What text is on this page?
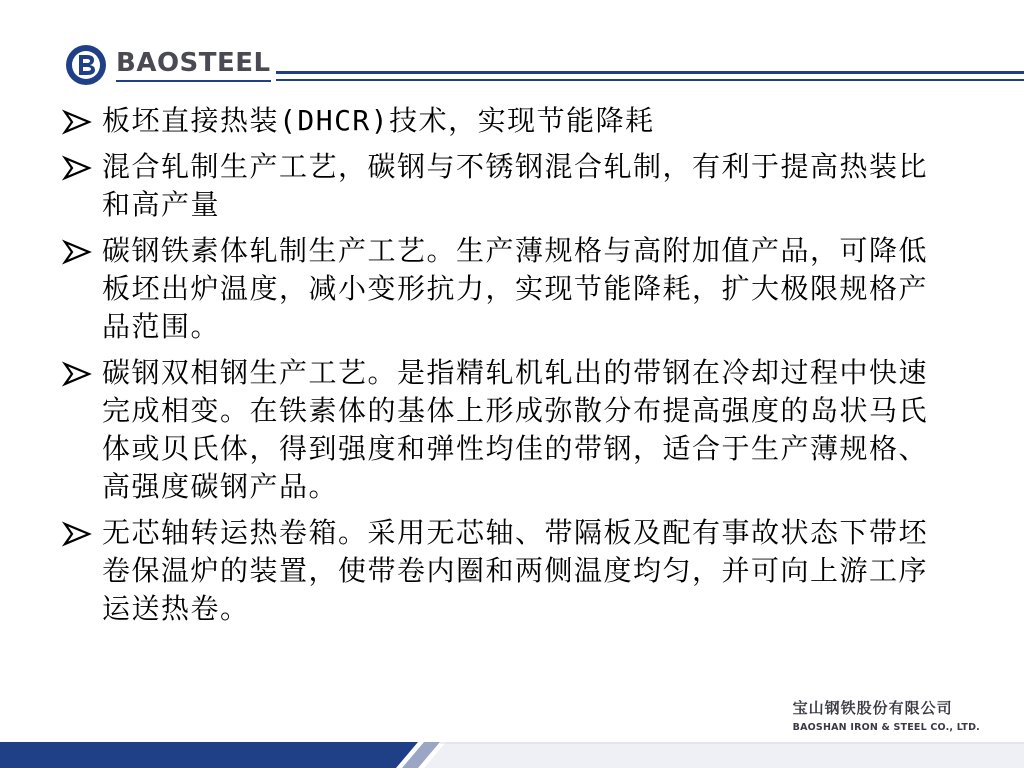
BAOSTEEL
板坯直接热装(DHCR)技术，实现节能降耗
混合轧制生产工艺，碳钢与不锈钢混合轧制，有利于提高热装比和高产量
碳钢铁素体轧制生产工艺。生产薄规格与高附加值产品，可降低板坯出炉温度，减小变形抗力，实现节能降耗，扩大极限规格产品范围。
碳钢双相钢生产工艺。是指精轧机轧出的带钢在冷却过程中快速完成相变。在铁素体的基体上形成弥散分布提高强度的岛状马氏体或贝氏体，得到强度和弹性均佳的带钢，适合于生产薄规格、高强度碳钢产品。
无芯轴转运热卷箱。采用无芯轴、带隔板及配有事故状态下带坯卷保温炉的装置，使带卷内圈和两侧温度均匀，并可向上游工序运送热卷。
宝山钢铁股份有限公司
BAOSHAN IRON & STEEL CO., LTD.
